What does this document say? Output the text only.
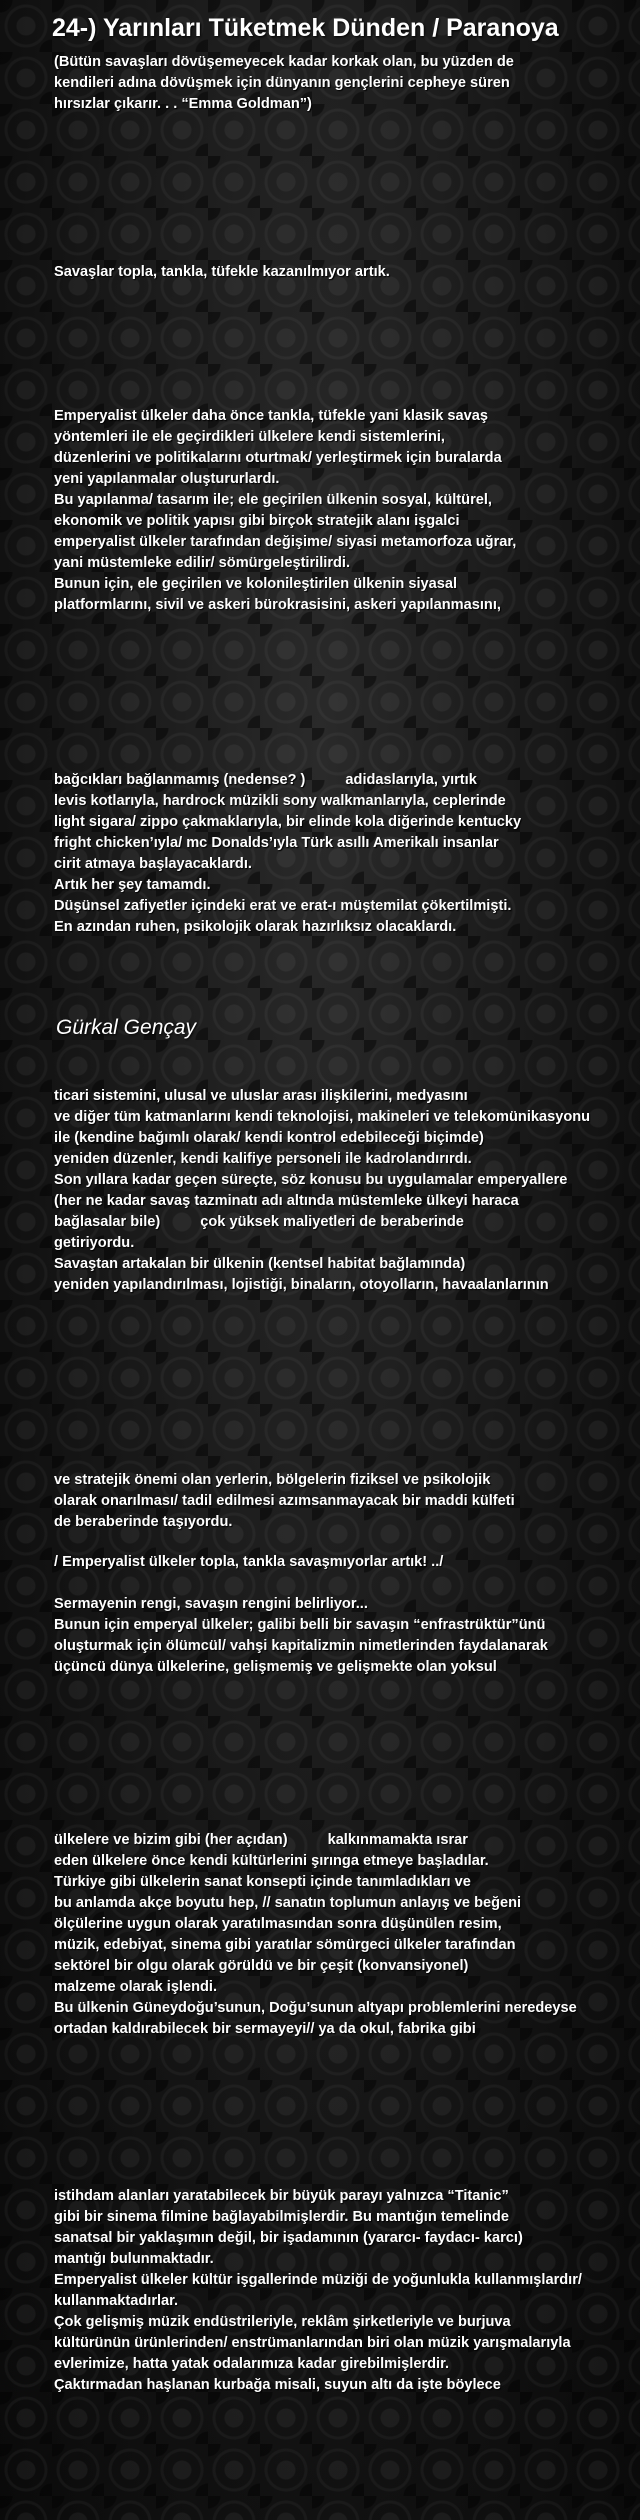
24-) Yarınları Tüketmek Dünden / Paranoya
(Bütün savaşları dövüşemeyecek kadar korkak olan, bu yüzden de
kendileri adına dövüşmek için dünyanın gençlerini cepheye süren
hırsızlar çıkarır. . . “Emma Goldman”)
Savaşlar topla, tankla, tüfekle kazanılmıyor artık.
Emperyalist ülkeler daha önce tankla, tüfekle yani klasik savaş
yöntemleri ile ele geçirdikleri ülkelere kendi sistemlerini,
düzenlerini ve politikalarını oturtmak/ yerleştirmek için buralarda
yeni yapılanmalar oluştururlardı.
Bu yapılanma/ tasarım ile; ele geçirilen ülkenin sosyal, kültürel,
ekonomik ve politik yapısı gibi birçok stratejik alanı işgalci
emperyalist ülkeler tarafından değişime/ siyasi metamorfoza uğrar,
yani müstemleke edilir/ sömürgeleştirilirdi.
Bunun için, ele geçirilen ve kolonileştirilen ülkenin siyasal
platformlarını, sivil ve askeri bürokrasisini, askeri yapılanmasını,
bağcıkları bağlanmamış (nedense? )	adidaslarıyla, yırtık
levis kotlarıyla, hardrock müzikli sony walkmanlarıyla, ceplerinde
light sigara/ zippo çakmaklarıyla, bir elinde kola diğerinde kentucky
fright chicken’ıyla/ mc Donalds’ıyla Türk asıllı Amerikalı insanlar
cirit atmaya başlayacaklardı.
Artık her şey tamamdı.
Düşünsel zafiyetler içindeki erat ve erat-ı müştemilat çökertilmişti.
En azından ruhen, psikolojik olarak hazırlıksız olacaklardı.
Gürkal Gençay
ticari sistemini, ulusal ve uluslar arası ilişkilerini, medyasını
ve diğer tüm katmanlarını kendi teknolojisi, makineleri ve telekomünikasyonu
ile (kendine bağımlı olarak/ kendi kontrol edebileceği biçimde)
yeniden düzenler, kendi kalifiye personeli ile kadrolandırırdı.
Son yıllara kadar geçen süreçte, söz konusu bu uygulamalar emperyallere
(her ne kadar savaş tazminatı adı altında müstemleke ülkeyi haraca
bağlasalar bile)	çok yüksek maliyetleri de beraberinde
getiriyordu.
Savaştan artakalan bir ülkenin (kentsel habitat bağlamında)
yeniden yapılandırılması, lojistiği, binaların, otoyolların, havaalanlarının
ve stratejik önemi olan yerlerin, bölgelerin fiziksel ve psikolojik
olarak onarılması/ tadil edilmesi azımsanmayacak bir maddi külfeti
de beraberinde taşıyordu.
/ Emperyalist ülkeler topla, tankla savaşmıyorlar artık! ../
Sermayenin rengi, savaşın rengini belirliyor...
Bunun için emperyal ülkeler; galibi belli bir savaşın “enfrastrüktür”ünü
oluşturmak için ölümcül/ vahşi kapitalizmin nimetlerinden faydalanarak
üçüncü dünya ülkelerine, gelişmemiş ve gelişmekte olan yoksul
ülkelere ve bizim gibi (her açıdan)	kalkınmamakta ısrar
eden ülkelere önce kendi kültürlerini şırınga etmeye başladılar.
Türkiye gibi ülkelerin sanat konsepti içinde tanımladıkları ve
bu anlamda akçe boyutu hep, // sanatın toplumun anlayış ve beğeni
ölçülerine uygun olarak yaratılmasından sonra düşünülen resim,
müzik, edebiyat, sinema gibi yaratılar sömürgeci ülkeler tarafından
sektörel bir olgu olarak görüldü ve bir çeşit (konvansiyonel)
malzeme olarak işlendi.
Bu ülkenin Güneydoğu’sunun, Doğu’sunun altyapı problemlerini neredeyse
ortadan kaldırabilecek bir sermayeyi// ya da okul, fabrika gibi
istihdam alanları yaratabilecek bir büyük parayı yalnızca “Titanic”
gibi bir sinema filmine bağlayabilmişlerdir. Bu mantığın temelinde
sanatsal bir yaklaşımın değil, bir işadamının (yararcı- faydacı- karcı)
mantığı bulunmaktadır.
Emperyalist ülkeler kültür işgallerinde müziği de yoğunlukla kullanmışlardır/
kullanmaktadırlar.
Çok gelişmiş müzik endüstrileriyle, reklâm şirketleriyle ve burjuva
kültürünün ürünlerinden/ enstrümanlarından biri olan müzik yarışmalarıyla
evlerimize, hatta yatak odalarımıza kadar girebilmişlerdir.
Çaktırmadan haşlanan kurbağa misali, suyun altı da işte böylece
